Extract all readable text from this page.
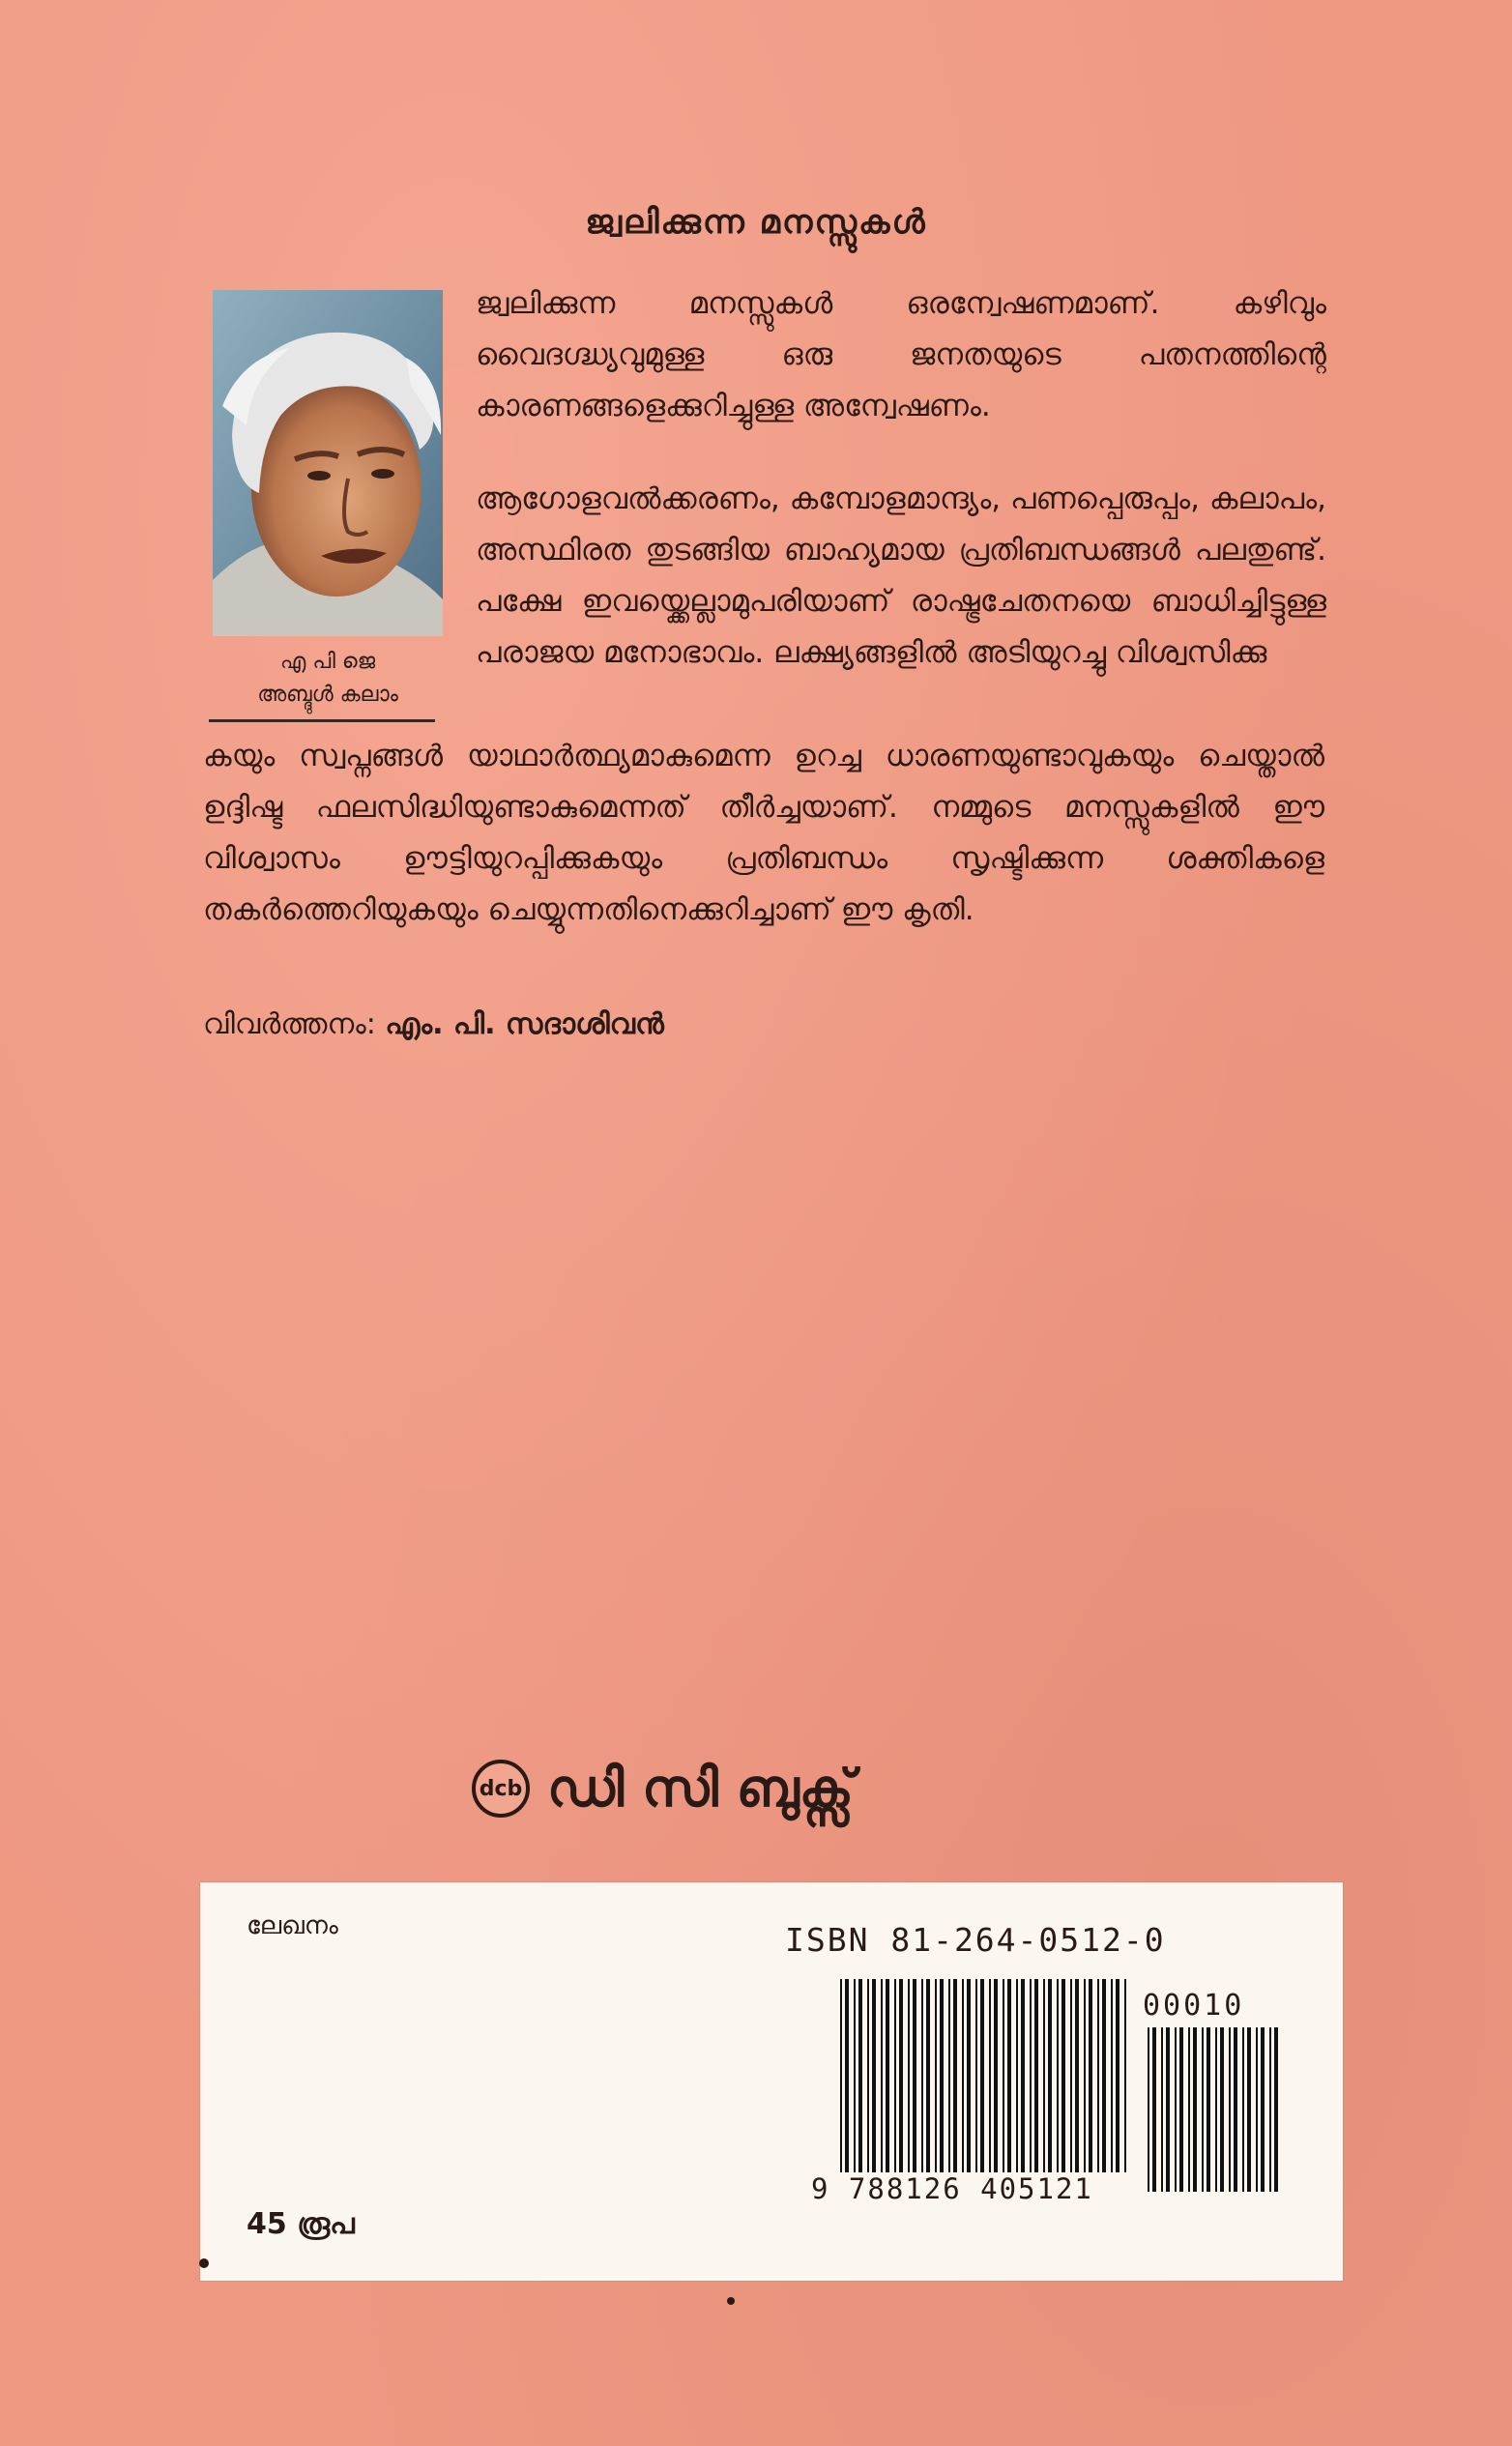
ജ്വലിക്കുന്ന മനസ്സുകൾ
എ പി ജെ
അബ്ദുൾ കലാം
ജ്വലിക്കുന്ന മനസ്സുകൾ ഒരന്വേഷണമാണ്. കഴിവും വൈദഗ്ദ്ധ്യവുമുള്ള ഒരു ജനതയുടെ പതനത്തിന്റെ കാരണങ്ങളെക്കുറിച്ചുള്ള അന്വേഷണം.
ആഗോളവൽക്കരണം, കമ്പോളമാന്ദ്യം, പണപ്പെരുപ്പം, കലാപം, അസ്ഥിരത തുടങ്ങിയ ബാഹ്യമായ പ്രതിബന്ധങ്ങൾ പലതുണ്ട്. പക്ഷേ ഇവയ്ക്കെല്ലാമുപരിയാണ് രാഷ്ട്രചേതനയെ ബാധിച്ചിട്ടുള്ള പരാജയ മനോഭാവം. ലക്ഷ്യങ്ങളിൽ അടിയുറച്ചു വിശ്വസിക്കു
കയും സ്വപ്നങ്ങൾ യാഥാർത്ഥ്യമാകുമെന്ന ഉറച്ച ധാരണയുണ്ടാവുകയും ചെയ്താൽ ഉദ്ദിഷ്ട ഫലസിദ്ധിയുണ്ടാകുമെന്നത് തീർച്ചയാണ്. നമ്മുടെ മനസ്സുകളിൽ ഈ വിശ്വാസം ഊട്ടിയുറപ്പിക്കുകയും പ്രതിബന്ധം സൃഷ്ടിക്കുന്ന ശക്തികളെ തകർത്തെറിയുകയും ചെയ്യുന്നതിനെക്കുറിച്ചാണ് ഈ കൃതി.
വിവർത്തനം: എം. പി. സദാശിവൻ
dcb ഡി സി ബുക്സ്
ലേഖനം	ISBN 81-264-0512-0
9 788126 405121
00010
45 രൂപ
